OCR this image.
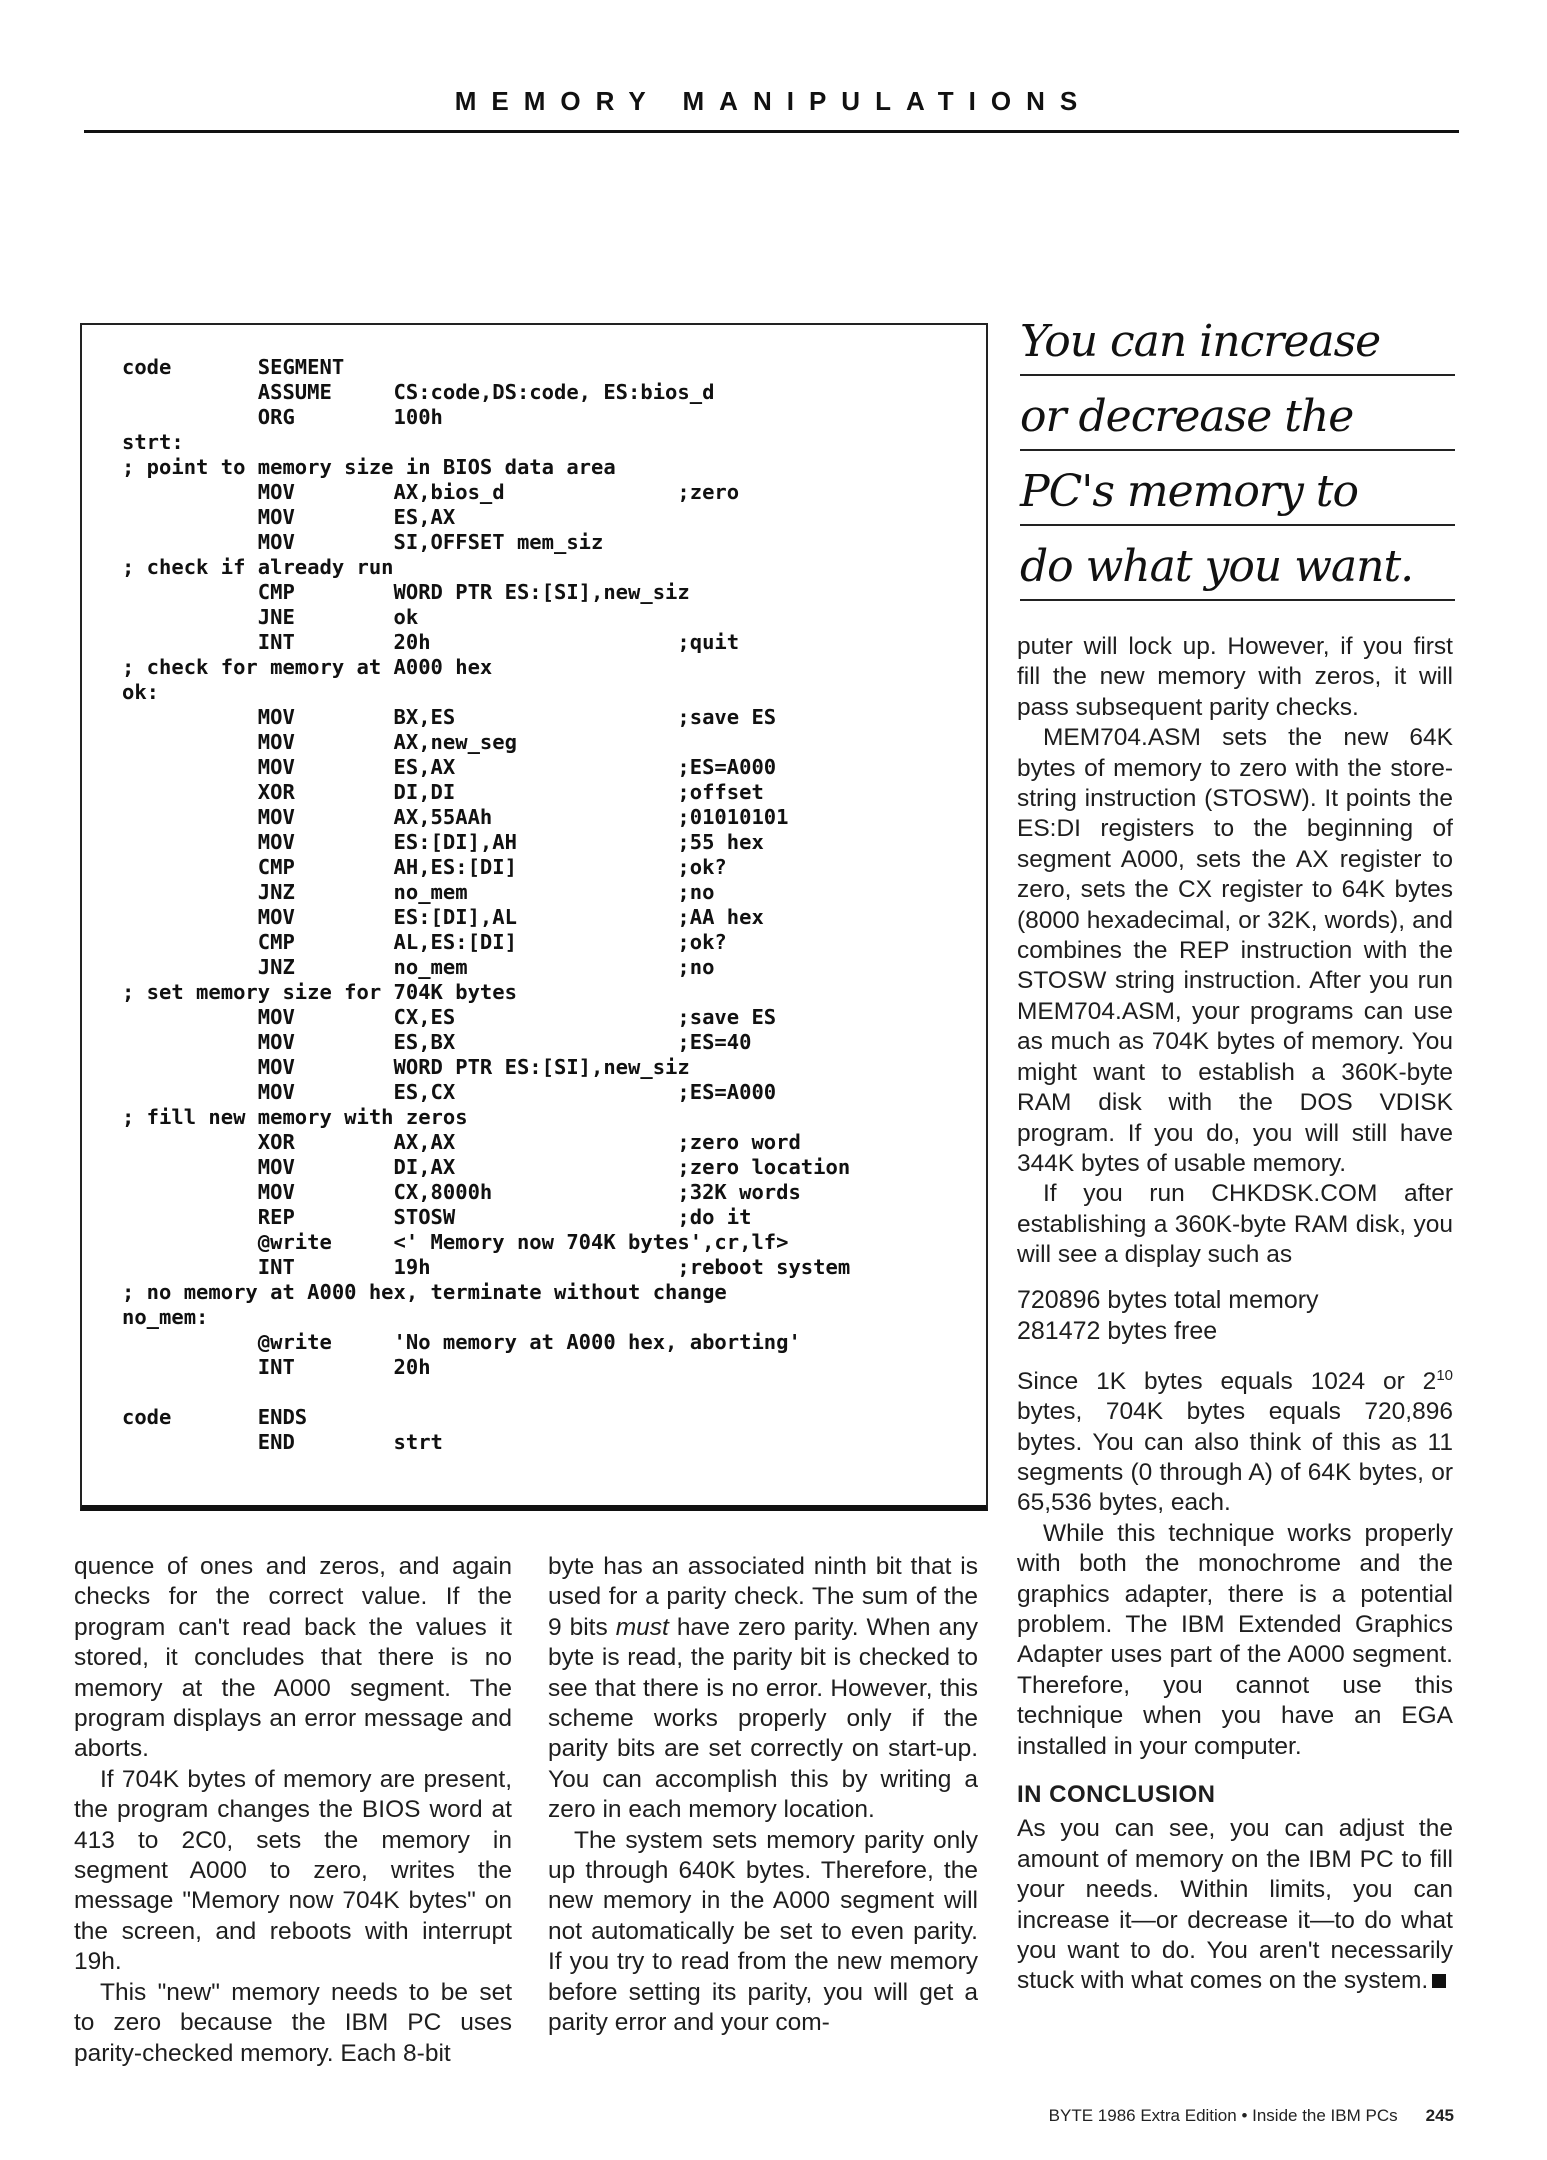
MEMORY MANIPULATIONS
code       SEGMENT
ASSUME     CS:code,DS:code, ES:bios_d
ORG        100h
strt:
; point to memory size in BIOS data area
MOV        AX,bios_d              ;zero
MOV        ES,AX
MOV        SI,OFFSET mem_siz
; check if already run
CMP        WORD PTR ES:[SI],new_siz
JNE        ok
INT        20h                    ;quit
; check for memory at A000 hex
ok:
MOV        BX,ES                  ;save ES
MOV        AX,new_seg
MOV        ES,AX                  ;ES=A000
XOR        DI,DI                  ;offset
MOV        AX,55AAh               ;01010101
MOV        ES:[DI],AH             ;55 hex
CMP        AH,ES:[DI]             ;ok?
JNZ        no_mem                 ;no
MOV        ES:[DI],AL             ;AA hex
CMP        AL,ES:[DI]             ;ok?
JNZ        no_mem                 ;no
; set memory size for 704K bytes
MOV        CX,ES                  ;save ES
MOV        ES,BX                  ;ES=40
MOV        WORD PTR ES:[SI],new_siz
MOV        ES,CX                  ;ES=A000
; fill new memory with zeros
XOR        AX,AX                  ;zero word
MOV        DI,AX                  ;zero location
MOV        CX,8000h               ;32K words
REP        STOSW                  ;do it
@write     <' Memory now 704K bytes',cr,lf>
INT        19h                    ;reboot system
; no memory at A000 hex, terminate without change
no_mem:
@write     'No memory at A000 hex, aborting'
INT        20h

code       ENDS
END        strt
You can increase
or decrease the
PC's memory to
do what you want.

quence of ones and zeros, and again checks for the correct value. If the program can't read back the values it stored, it concludes that there is no memory at the A000 segment. The program displays an error message and aborts.

If 704K bytes of memory are present, the program changes the BIOS word at 413 to 2C0, sets the memory in segment A000 to zero, writes the message "Memory now 704K bytes" on the screen, and reboots with interrupt 19h.

This "new" memory needs to be set to zero because the IBM PC uses parity-checked memory. Each 8-bit

byte has an associated ninth bit that is used for a parity check. The sum of the 9 bits must have zero parity. When any byte is read, the parity bit is checked to see that there is no error. However, this scheme works properly only if the parity bits are set correctly on start-up. You can accomplish this by writing a zero in each memory location.

The system sets memory parity only up through 640K bytes. Therefore, the new memory in the A000 segment will not automatically be set to even parity. If you try to read from the new memory before setting its parity, you will get a parity error and your com-

puter will lock up. However, if you first fill the new memory with zeros, it will pass subsequent parity checks.

MEM704.ASM sets the new 64K bytes of memory to zero with the store-string instruction (STOSW). It points the ES:DI registers to the beginning of segment A000, sets the AX register to zero, sets the CX register to 64K bytes (8000 hexadecimal, or 32K, words), and combines the REP instruction with the STOSW string instruction. After you run MEM704.ASM, your programs can use as much as 704K bytes of memory. You might want to establish a 360K-byte RAM disk with the DOS VDISK program. If you do, you will still have 344K bytes of usable memory.

If you run CHKDSK.COM after establishing a 360K-byte RAM disk, you will see a display such as

720896 bytes total memory
281472 bytes free

Since 1K bytes equals 1024 or $2^{10}$ bytes, 704K bytes equals 720,896 bytes. You can also think of this as 11 segments (0 through A) of 64K bytes, or 65,536 bytes, each.

While this technique works properly with both the monochrome and the graphics adapter, there is a potential problem. The IBM Extended Graphics Adapter uses part of the A000 segment. Therefore, you cannot use this technique when you have an EGA installed in your computer.

IN CONCLUSION

As you can see, you can adjust the amount of memory on the IBM PC to fill your needs. Within limits, you can increase it—or decrease it—to do what you want to do. You aren't necessarily stuck with what comes on the system.

BYTE 1986 Extra Edition • Inside the IBM PCs 245
